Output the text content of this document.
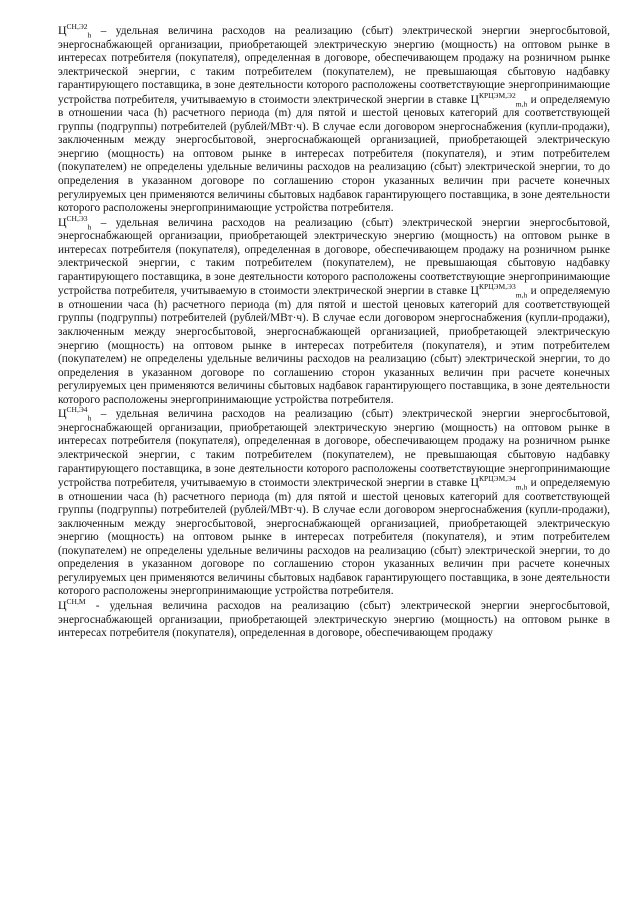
$Ц^{СН,Э2}_h$ – удельная величина расходов на реализацию (сбыт) электрической энергии энергосбытовой, энергоснабжающей организации, приобретающей электрическую энергию (мощность) на оптовом рынке в интересах потребителя (покупателя), определенная в договоре, обеспечивающем продажу на розничном рынке электрической энергии, с таким потребителем (покупателем), не превышающая сбытовую надбавку гарантирующего поставщика, в зоне деятельности которого расположены соответствующие энергопринимающие устройства потребителя, учитываемую в стоимости электрической энергии в ставке $Ц^{КРЦЭМ,Э2}_{m,h}$ и определяемую в отношении часа (h) расчетного периода (m) для пятой и шестой ценовых категорий для соответствующей группы (подгруппы) потребителей (рублей/МВт·ч). В случае если договором энергоснабжения (купли-продажи), заключенным между энергосбытовой, энергоснабжающей организацией, приобретающей электрическую энергию (мощность) на оптовом рынке в интересах потребителя (покупателя), и этим потребителем (покупателем) не определены удельные величины расходов на реализацию (сбыт) электрической энергии, то до определения в указанном договоре по соглашению сторон указанных величин при расчете конечных регулируемых цен применяются величины сбытовых надбавок гарантирующего поставщика, в зоне деятельности которого расположены энергопринимающие устройства потребителя.

$Ц^{СН,Э3}_h$ – удельная величина расходов на реализацию (сбыт) электрической энергии энергосбытовой, энергоснабжающей организации, приобретающей электрическую энергию (мощность) на оптовом рынке в интересах потребителя (покупателя), определенная в договоре, обеспечивающем продажу на розничном рынке электрической энергии, с таким потребителем (покупателем), не превышающая сбытовую надбавку гарантирующего поставщика, в зоне деятельности которого расположены соответствующие энергопринимающие устройства потребителя, учитываемую в стоимости электрической энергии в ставке $Ц^{КРЦЭМ,Э3}_{m,h}$ и определяемую в отношении часа (h) расчетного периода (m) для пятой и шестой ценовых категорий для соответствующей группы (подгруппы) потребителей (рублей/МВт·ч). В случае если договором энергоснабжения (купли-продажи), заключенным между энергосбытовой, энергоснабжающей организацией, приобретающей электрическую энергию (мощность) на оптовом рынке в интересах потребителя (покупателя), и этим потребителем (покупателем) не определены удельные величины расходов на реализацию (сбыт) электрической энергии, то до определения в указанном договоре по соглашению сторон указанных величин при расчете конечных регулируемых цен применяются величины сбытовых надбавок гарантирующего поставщика, в зоне деятельности которого расположены энергопринимающие устройства потребителя.

$Ц^{СН,Э4}_h$ – удельная величина расходов на реализацию (сбыт) электрической энергии энергосбытовой, энергоснабжающей организации, приобретающей электрическую энергию (мощность) на оптовом рынке в интересах потребителя (покупателя), определенная в договоре, обеспечивающем продажу на розничном рынке электрической энергии, с таким потребителем (покупателем), не превышающая сбытовую надбавку гарантирующего поставщика, в зоне деятельности которого расположены соответствующие энергопринимающие устройства потребителя, учитываемую в стоимости электрической энергии в ставке $Ц^{КРЦЭМ,Э4}_{m,h}$ и определяемую в отношении часа (h) расчетного периода (m) для пятой и шестой ценовых категорий для соответствующей группы (подгруппы) потребителей (рублей/МВт·ч). В случае если договором энергоснабжения (купли-продажи), заключенным между энергосбытовой, энергоснабжающей организацией, приобретающей электрическую энергию (мощность) на оптовом рынке в интересах потребителя (покупателя), и этим потребителем (покупателем) не определены удельные величины расходов на реализацию (сбыт) электрической энергии, то до определения в указанном договоре по соглашению сторон указанных величин при расчете конечных регулируемых цен применяются величины сбытовых надбавок гарантирующего поставщика, в зоне деятельности которого расположены энергопринимающие устройства потребителя.

$Ц^{СН,М}$ - удельная величина расходов на реализацию (сбыт) электрической энергии энергосбытовой, энергоснабжающей организации, приобретающей электрическую энергию (мощность) на оптовом рынке в интересах потребителя (покупателя), определенная в договоре, обеспечивающем продажу
